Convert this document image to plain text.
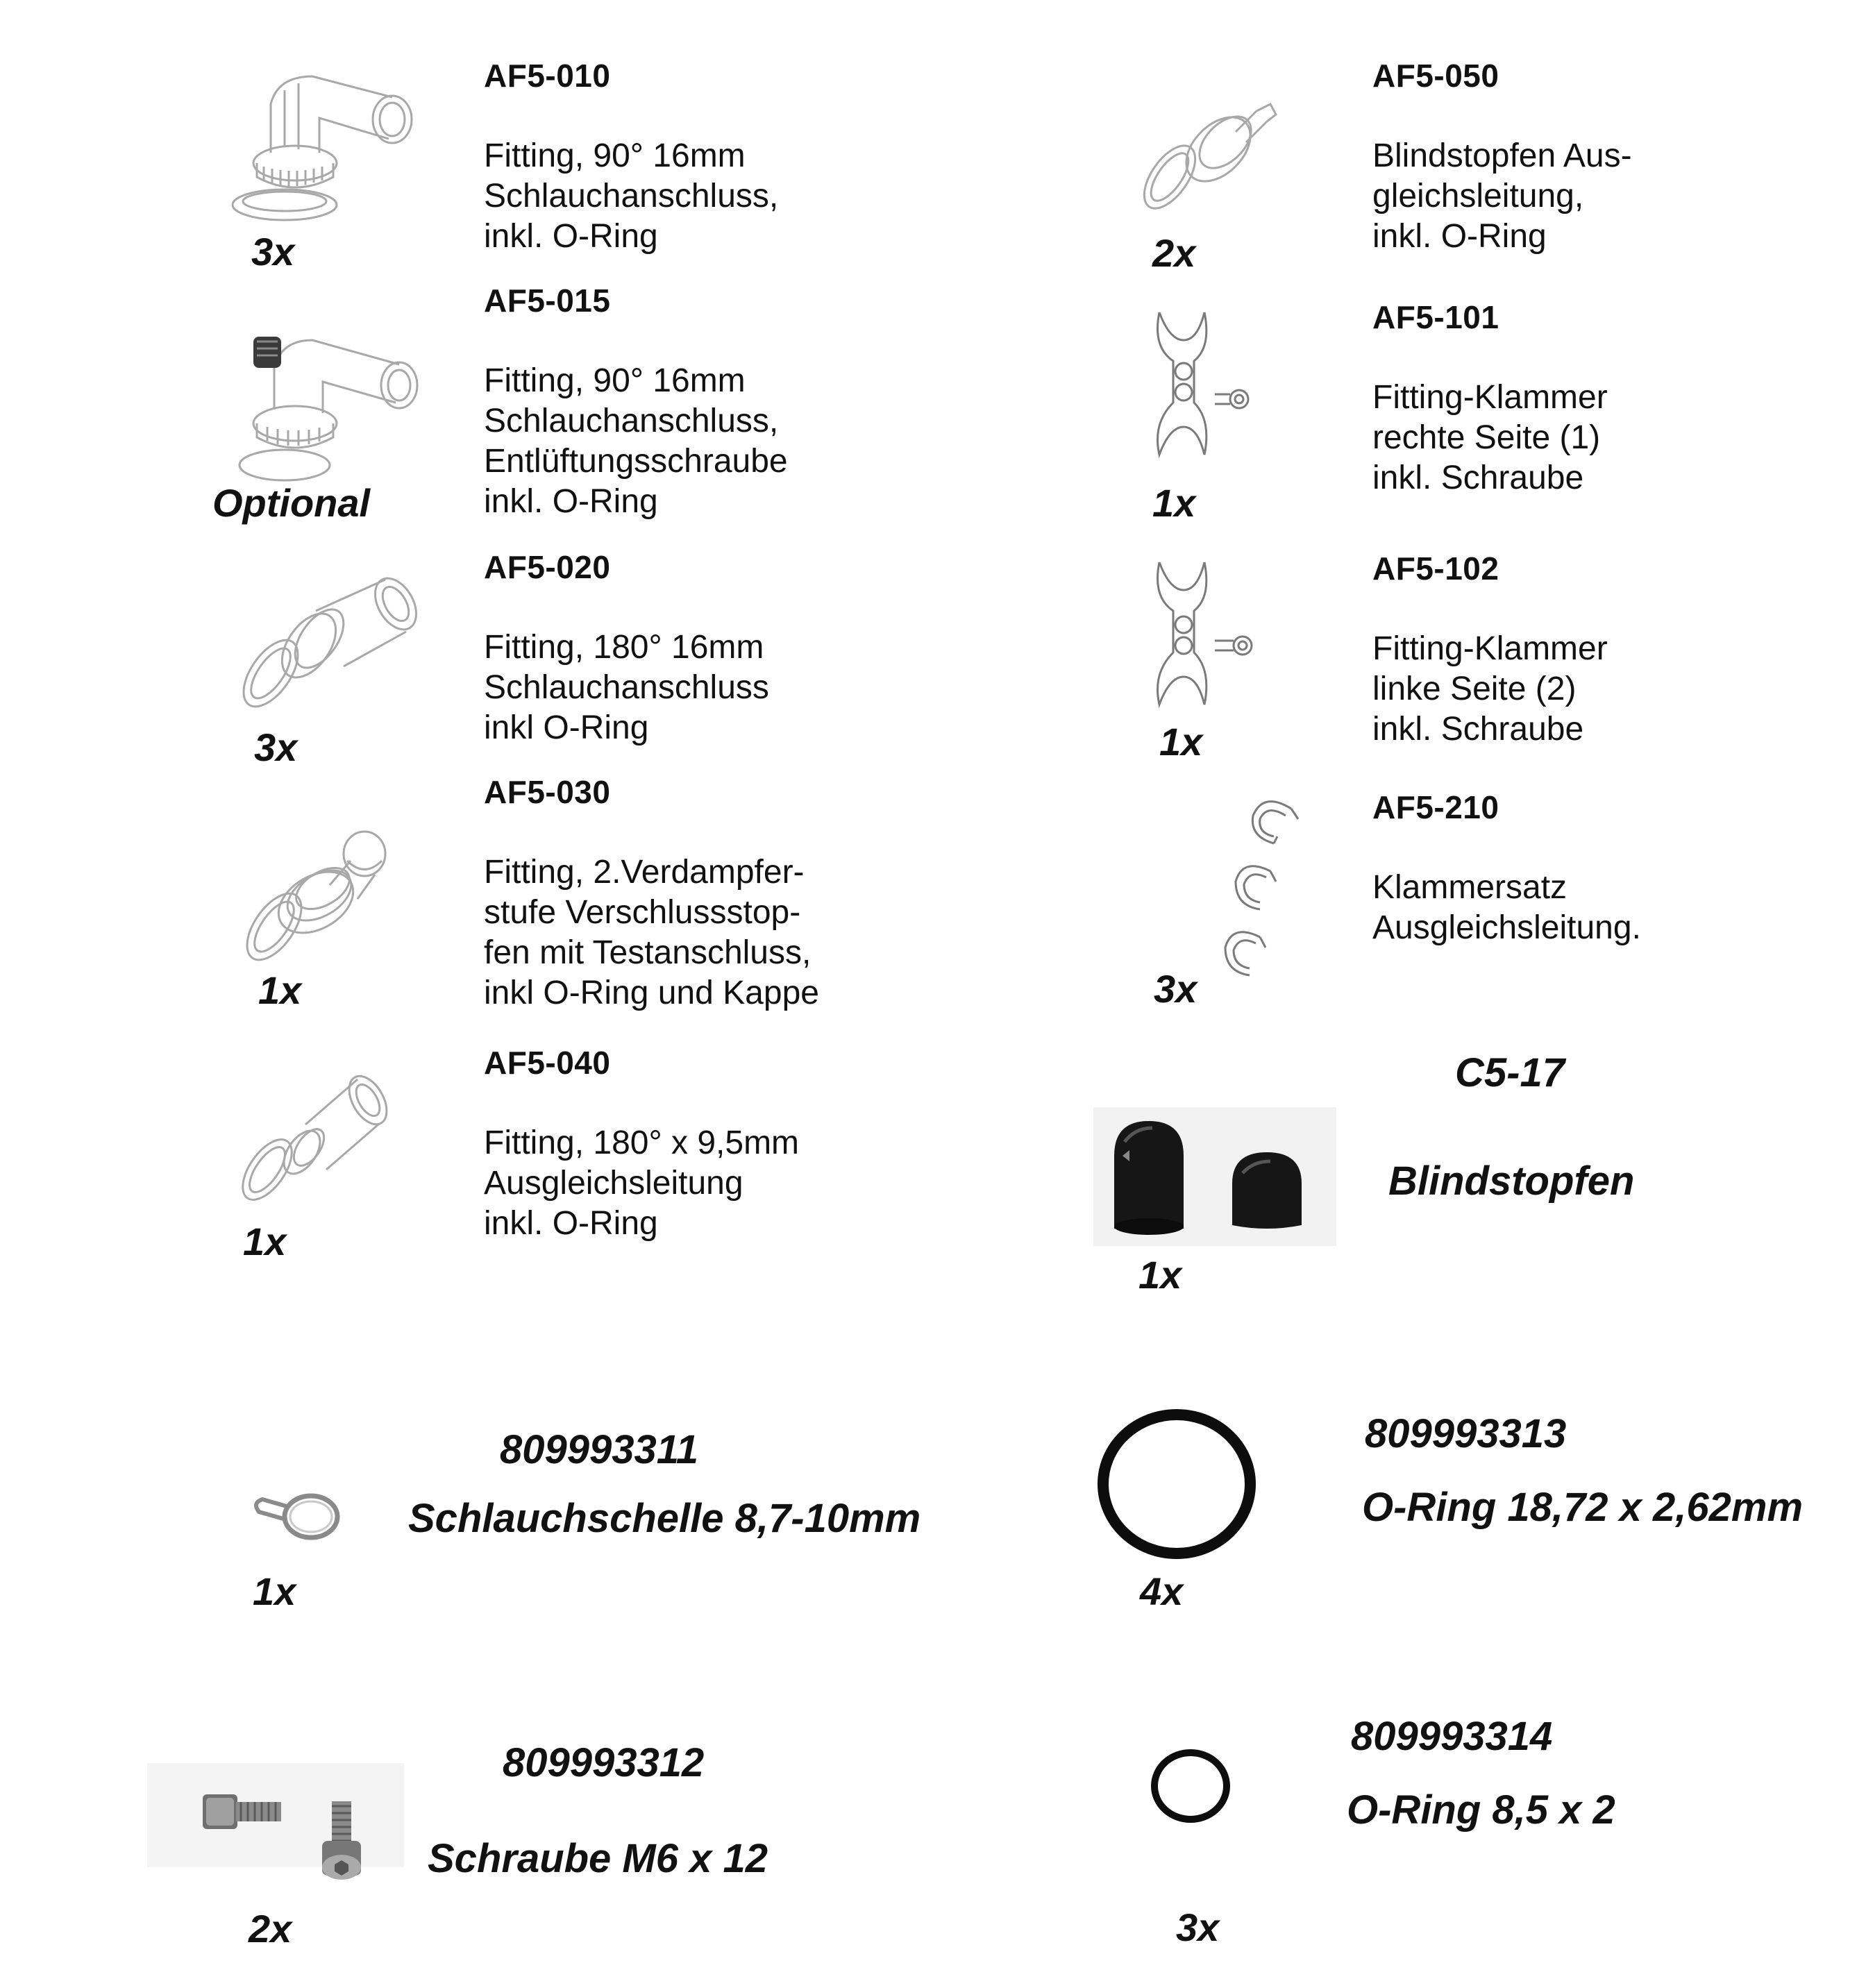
3x
AF5-010
Fitting, 90° 16mm
Schlauchanschluss,
inkl. O-Ring
Optional
AF5-015
Fitting, 90° 16mm
Schlauchanschluss,
Entlüftungsschraube
inkl. O-Ring
3x
AF5-020
Fitting, 180° 16mm
Schlauchanschluss
inkl O-Ring
1x
AF5-030
Fitting, 2.Verdampfer-
stufe Verschlussstop-
fen mit Testanschluss,
inkl O-Ring und Kappe
1x
AF5-040
Fitting, 180° x 9,5mm
Ausgleichsleitung
inkl. O-Ring
2x
AF5-050
Blindstopfen Aus-
gleichsleitung,
inkl. O-Ring
1x
AF5-101
Fitting-Klammer
rechte Seite (1)
inkl. Schraube
1x
AF5-102
Fitting-Klammer
linke Seite (2)
inkl. Schraube
3x
AF5-210
Klammersatz
Ausgleichsleitung.
1x
C5-17
Blindstopfen
1x
809993311
Schlauchschelle 8,7-10mm
4x
809993313
O-Ring 18,72 x 2,62mm
2x
809993312
Schraube M6 x 12
3x
809993314
O-Ring 8,5 x 2
